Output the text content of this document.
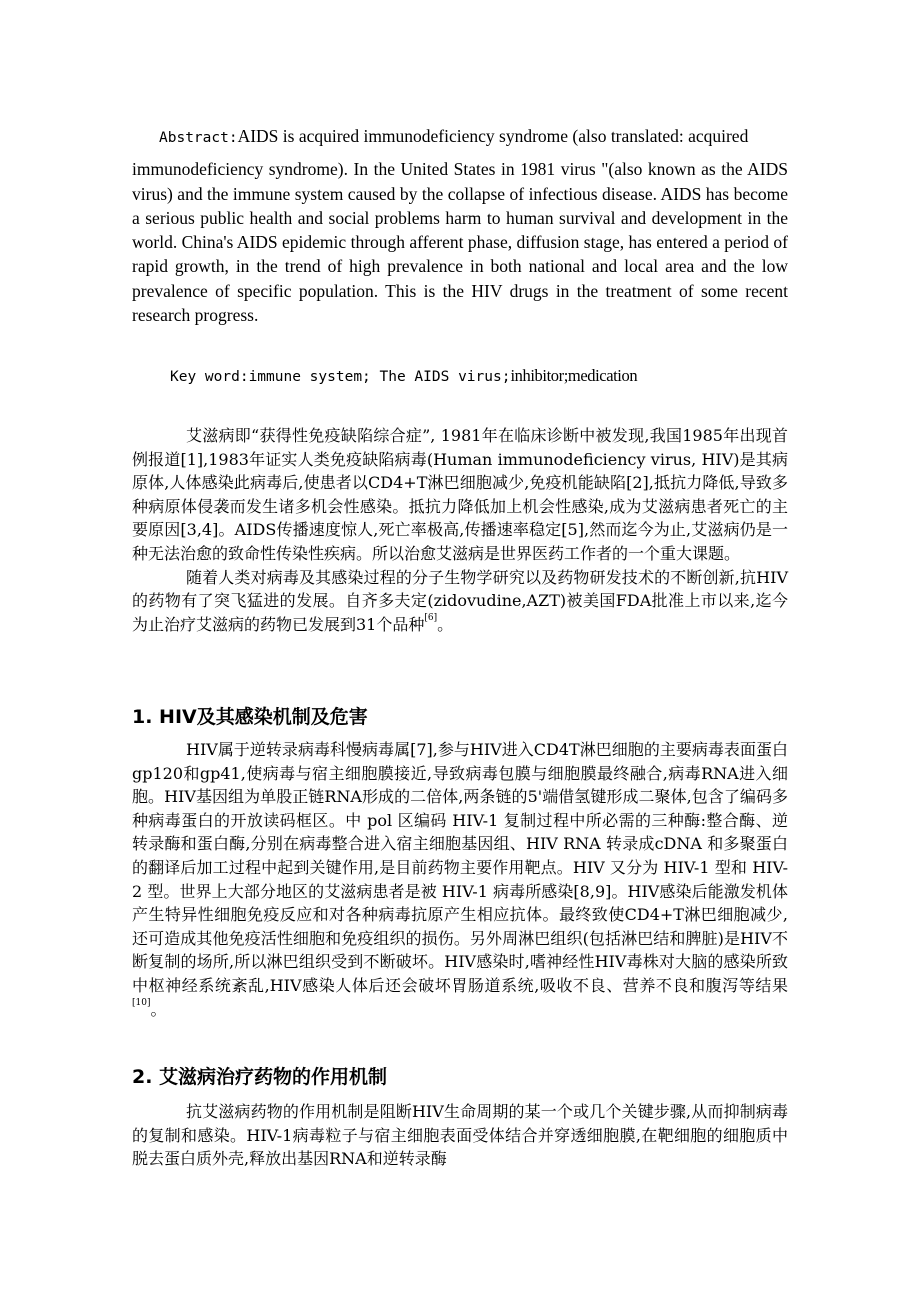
Abstract:AIDS is acquired immunodeficiency syndrome (also translated: acquired
immunodeficiency syndrome). In the United States in 1981 virus "(also known as the AIDS virus) and the immune system caused by the collapse of infectious disease. AIDS has become a serious public health and social problems harm to human survival and development in the world. China's AIDS epidemic through afferent phase, diffusion stage, has entered a period of rapid growth, in the trend of high prevalence in both national and local area and the low prevalence of specific population. This is the HIV drugs in the treatment of some recent research progress.

Key word:immune system; The AIDS virus;inhibitor;medication

艾滋病即“获得性免疫缺陷综合症”, 1981年在临床诊断中被发现,我国1985年出现首例报道[1],1983年证实人类免疫缺陷病毒(Human immunodeficiency virus, HIV)是其病原体,人体感染此病毒后,使患者以CD4+T淋巴细胞减少,免疫机能缺陷[2],抵抗力降低,导致多种病原体侵袭而发生诸多机会性感染。抵抗力降低加上机会性感染,成为艾滋病患者死亡的主要原因[3,4]。AIDS传播速度惊人,死亡率极高,传播速率稳定[5],然而迄今为止,艾滋病仍是一种无法治愈的致命性传染性疾病。所以治愈艾滋病是世界医药工作者的一个重大课题。

随着人类对病毒及其感染过程的分子生物学研究以及药物研发技术的不断创新,抗HIV的药物有了突飞猛进的发展。自齐多夫定(zidovudine,AZT)被美国FDA批准上市以来,迄今为止治疗艾滋病的药物已发展到31个品种[6]。

1. HIV及其感染机制及危害

HIV属于逆转录病毒科慢病毒属[7],参与HIV进入CD4T淋巴细胞的主要病毒表面蛋白gp120和gp41,使病毒与宿主细胞膜接近,导致病毒包膜与细胞膜最终融合,病毒RNA进入细胞。HIV基因组为单股正链RNA形成的二倍体,两条链的5'端借氢键形成二聚体,包含了编码多种病毒蛋白的开放读码框区。中 pol 区编码 HIV-1 复制过程中所必需的三种酶:整合酶、逆转录酶和蛋白酶,分别在病毒整合进入宿主细胞基因组、HIV RNA 转录成cDNA 和多聚蛋白的翻译后加工过程中起到关键作用,是目前药物主要作用靶点。HIV 又分为 HIV-1 型和 HIV-2 型。世界上大部分地区的艾滋病患者是被 HIV-1 病毒所感染[8,9]。HIV感染后能激发机体产生特异性细胞免疫反应和对各种病毒抗原产生相应抗体。最终致使CD4+T淋巴细胞减少,还可造成其他免疫活性细胞和免疫组织的损伤。另外周淋巴组织(包括淋巴结和脾脏)是HIV不断复制的场所,所以淋巴组织受到不断破坏。HIV感染时,嗜神经性HIV毒株对大脑的感染所致中枢神经系统紊乱,HIV感染人体后还会破坏胃肠道系统,吸收不良、营养不良和腹泻等结果[10]。

2. 艾滋病治疗药物的作用机制

抗艾滋病药物的作用机制是阻断HIV生命周期的某一个或几个关键步骤,从而抑制病毒的复制和感染。HIV-1病毒粒子与宿主细胞表面受体结合并穿透细胞膜,在靶细胞的细胞质中脱去蛋白质外壳,释放出基因RNA和逆转录酶
